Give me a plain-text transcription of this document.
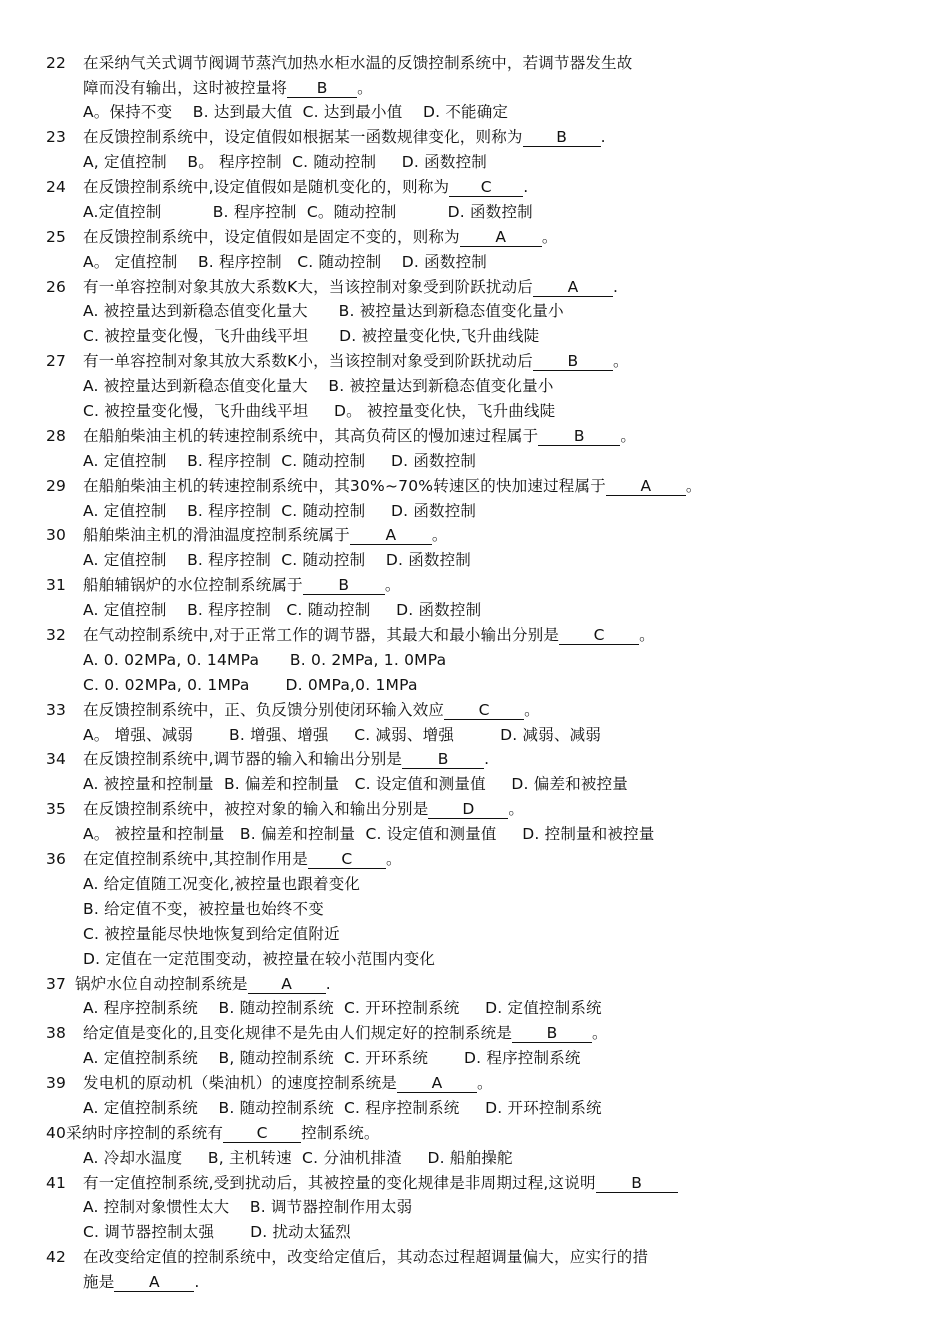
22 在采纳气关式调节阀调节蒸汽加热水柜水温的反馈控制系统中，若调节器发生故
障而没有输出，这时被控量将 B 。
A。保持不变    B. 达到最大值  C. 达到最小值    D. 不能确定
23 在反馈控制系统中，设定值假如根据某一函数规律变化，则称为 B .
A, 定值控制    B。 程序控制  C. 随动控制     D. 函数控制
24 在反馈控制系统中,设定值假如是随机变化的，则称为 C .
A.定值控制          B. 程序控制  C。随动控制          D. 函数控制
25 在反馈控制系统中，设定值假如是固定不变的，则称为 A 。
A。 定值控制    B. 程序控制   C. 随动控制    D. 函数控制
26 有一单容控制对象其放大系数K大，当该控制对象受到阶跃扰动后 A .
A. 被控量达到新稳态值变化量大      B. 被控量达到新稳态值变化量小
C. 被控量变化慢，飞升曲线平坦      D. 被控量变化快,飞升曲线陡
27 有一单容控制对象其放大系数K小，当该控制对象受到阶跃扰动后 B 。
A. 被控量达到新稳态值变化量大    B. 被控量达到新稳态值变化量小
C. 被控量变化慢，飞升曲线平坦     D。 被控量变化快，飞升曲线陡
28 在船舶柴油主机的转速控制系统中，其高负荷区的慢加速过程属于 B 。
A. 定值控制    B. 程序控制  C. 随动控制     D. 函数控制
29 在船舶柴油主机的转速控制系统中，其30%~70%转速区的快加速过程属于 A 。
A. 定值控制    B. 程序控制  C. 随动控制     D. 函数控制
30 船舶柴油主机的滑油温度控制系统属于 A 。
A. 定值控制    B. 程序控制  C. 随动控制    D. 函数控制
31 船舶辅锅炉的水位控制系统属于 B 。
A. 定值控制    B. 程序控制   C. 随动控制     D. 函数控制
32 在气动控制系统中,对于正常工作的调节器，其最大和最小输出分别是 C 。
A. 0. 02MPa, 0. 14MPa      B. 0. 2MPa, 1. 0MPa
C. 0. 02MPa, 0. 1MPa       D. 0MPa,0. 1MPa
33 在反馈控制系统中，正、负反馈分别使闭环输入效应 C 。
A。 增强、减弱       B. 增强、增强     C. 减弱、增强         D. 减弱、减弱
34 在反馈控制系统中,调节器的输入和输出分别是 B .
A. 被控量和控制量  B. 偏差和控制量   C. 设定值和测量值     D. 偏差和被控量
35 在反馈控制系统中，被控对象的输入和输出分别是 D 。
A。 被控量和控制量   B. 偏差和控制量  C. 设定值和测量值     D. 控制量和被控量
36 在定值控制系统中,其控制作用是 C 。
A. 给定值随工况变化,被控量也跟着变化
B. 给定值不变，被控量也始终不变
C. 被控量能尽快地恢复到给定值附近
D. 定值在一定范围变动，被控量在较小范围内变化
37 锅炉水位自动控制系统是 A .
A. 程序控制系统    B. 随动控制系统  C. 开环控制系统     D. 定值控制系统
38 给定值是变化的,且变化规律不是先由人们规定好的控制系统是 B 。
A. 定值控制系统    B, 随动控制系统  C. 开环系统       D. 程序控制系统
39 发电机的原动机（柴油机）的速度控制系统是 A 。
A. 定值控制系统    B. 随动控制系统  C. 程序控制系统     D. 开环控制系统
40采纳时序控制的系统有 C 控制系统。
A. 冷却水温度     B, 主机转速  C. 分油机排渣     D. 船舶操舵
41 有一定值控制系统,受到扰动后，其被控量的变化规律是非周期过程,这说明 B
A. 控制对象惯性太大    B. 调节器控制作用太弱
C. 调节器控制太强       D. 扰动太猛烈
42 在改变给定值的控制系统中，改变给定值后，其动态过程超调量偏大，应实行的措
施是 A .
